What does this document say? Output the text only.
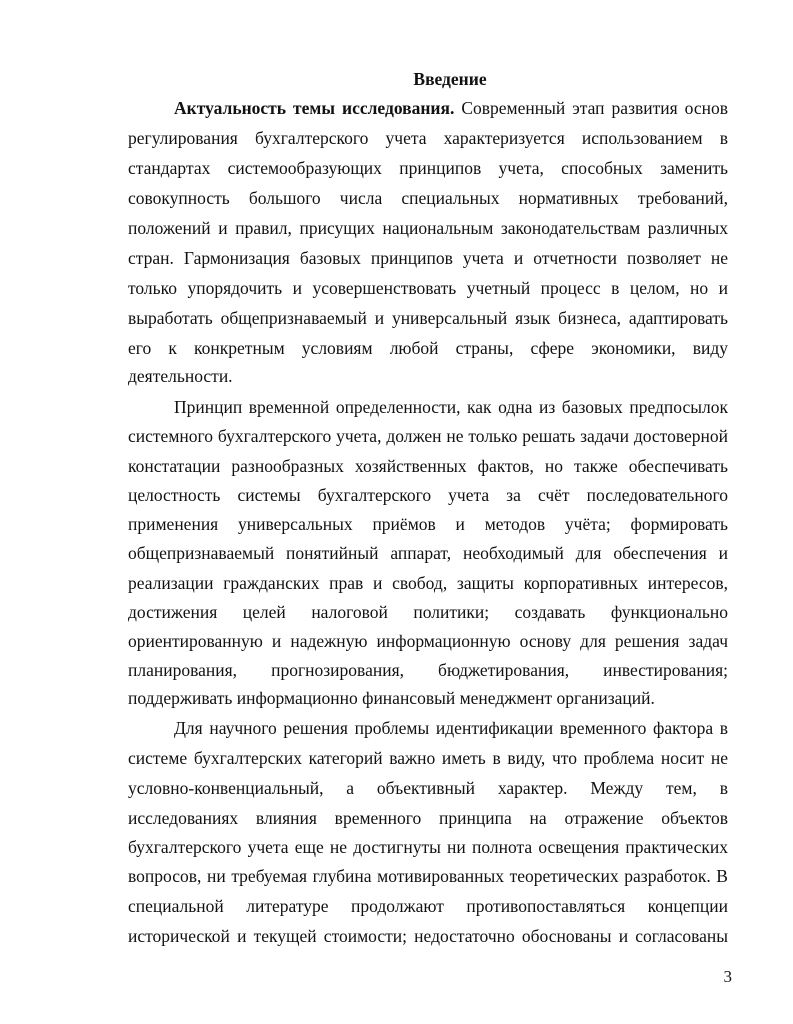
Введение
Актуальность темы исследования. Современный этап развития основ
регулирования бухгалтерского учета характеризуется использованием в
стандартах системообразующих принципов учета, способных заменить
совокупность большого числа специальных нормативных требований,
положений и правил, присущих национальным законодательствам различных
стран. Гармонизация базовых принципов учета и отчетности позволяет не
только упорядочить и усовершенствовать учетный процесс в целом, но и
выработать общепризнаваемый и универсальный язык бизнеса, адаптировать
его к конкретным условиям любой страны, сфере экономики, виду
деятельности.
Принцип временной определенности, как одна из базовых предпосылок
системного бухгалтерского учета, должен не только решать задачи достоверной
констатации разнообразных хозяйственных фактов, но также обеспечивать
целостность системы бухгалтерского учета за счёт последовательного
применения универсальных приёмов и методов учёта; формировать
общепризнаваемый понятийный аппарат, необходимый для обеспечения и
реализации гражданских прав и свобод, защиты корпоративных интересов,
достижения целей налоговой политики; создавать функционально
ориентированную и надежную информационную основу для решения задач
планирования, прогнозирования, бюджетирования, инвестирования;
поддерживать информационно финансовый менеджмент организаций.
Для научного решения проблемы идентификации временного фактора в
системе бухгалтерских категорий важно иметь в виду, что проблема носит не
условно-конвенциальный, а объективный характер. Между тем, в
исследованиях влияния временного принципа на отражение объектов
бухгалтерского учета еще не достигнуты ни полнота освещения практических
вопросов, ни требуемая глубина мотивированных теоретических разработок. В
специальной литературе продолжают противопоставляться концепции
исторической и текущей стоимости; недостаточно обоснованы и согласованы
3
